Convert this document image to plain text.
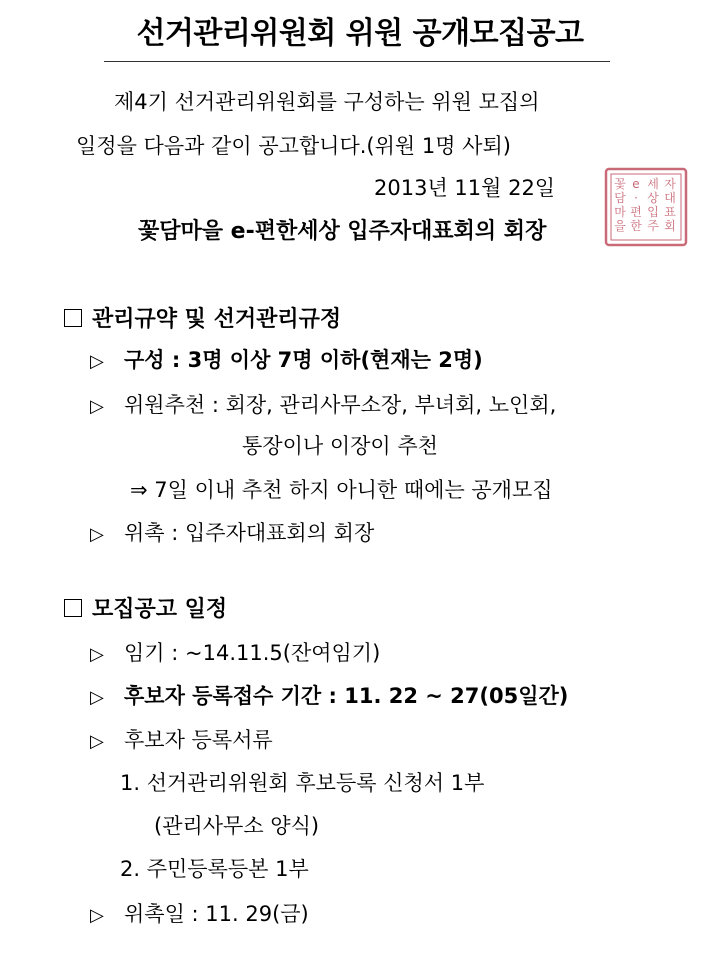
선거관리위원회 위원 공개모집공고
제4기 선거관리위원회를 구성하는 위원 모집의
일정을 다음과 같이 공고합니다.(위원 1명 사퇴)
2013년 11월 22일
꽃담마을 e-편한세상 입주자대표회의 회장
꽃
담
마
을
e
·
편
한
세
상
입
주
자
대
표
회
관리규약 및 선거관리규정
▷ 구성 : 3명 이상 7명 이하(현재는 2명)
▷ 위원추천 : 회장, 관리사무소장, 부녀회, 노인회,
통장이나 이장이 추천
⇒ 7일 이내 추천 하지 아니한 때에는 공개모집
▷ 위촉 : 입주자대표회의 회장
모집공고 일정
▷ 임기 : ~14.11.5(잔여임기)
▷ 후보자 등록접수 기간 : 11. 22 ~ 27(05일간)
▷ 후보자 등록서류
1. 선거관리위원회 후보등록 신청서 1부
(관리사무소 양식)
2. 주민등록등본 1부
▷ 위촉일 : 11. 29(금)
